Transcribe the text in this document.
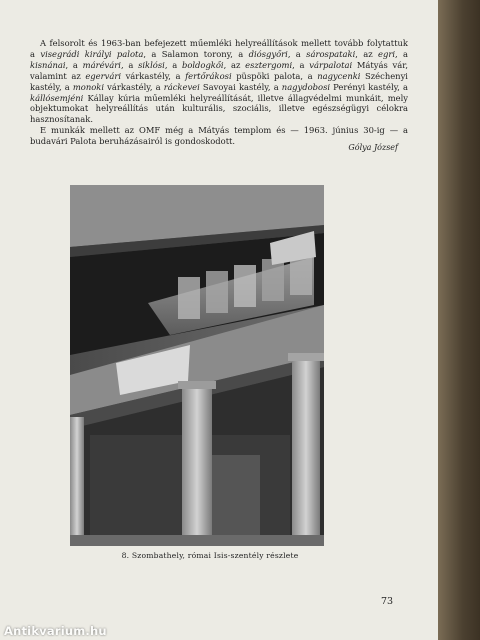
A felsorolt és 1963-ban befejezett műemléki helyreállítások mellett tovább folytattuk a visegrádi királyi palota, a Salamon torony, a diósgyőri, a sárospataki, az egri, a kisnánai, a márévári, a siklósi, a boldogkői, az esztergomi, a várpalotai Mátyás vár, valamint az egervári várkastély, a fertőrákosi püspöki palota, a nagycenki Széchenyi kastély, a monoki várkastély, a ráckevei Savoyai kastély, a nagydobosi Perényi kastély, a kállósemjéni Kállay kúria műemléki helyreállítását, illetve állagvédelmi munkáit, mely objektumokat helyreállítás után kulturális, szociális, illetve egészségügyi célokra hasznosítanak.

E munkák mellett az OMF még a Mátyás templom és — 1963. június 30-ig — a budavári Palota beruházásairól is gondoskodott.

Gólya József
8. Szombathely, római Isis-szentély részlete
73
Antikvarium.hu
